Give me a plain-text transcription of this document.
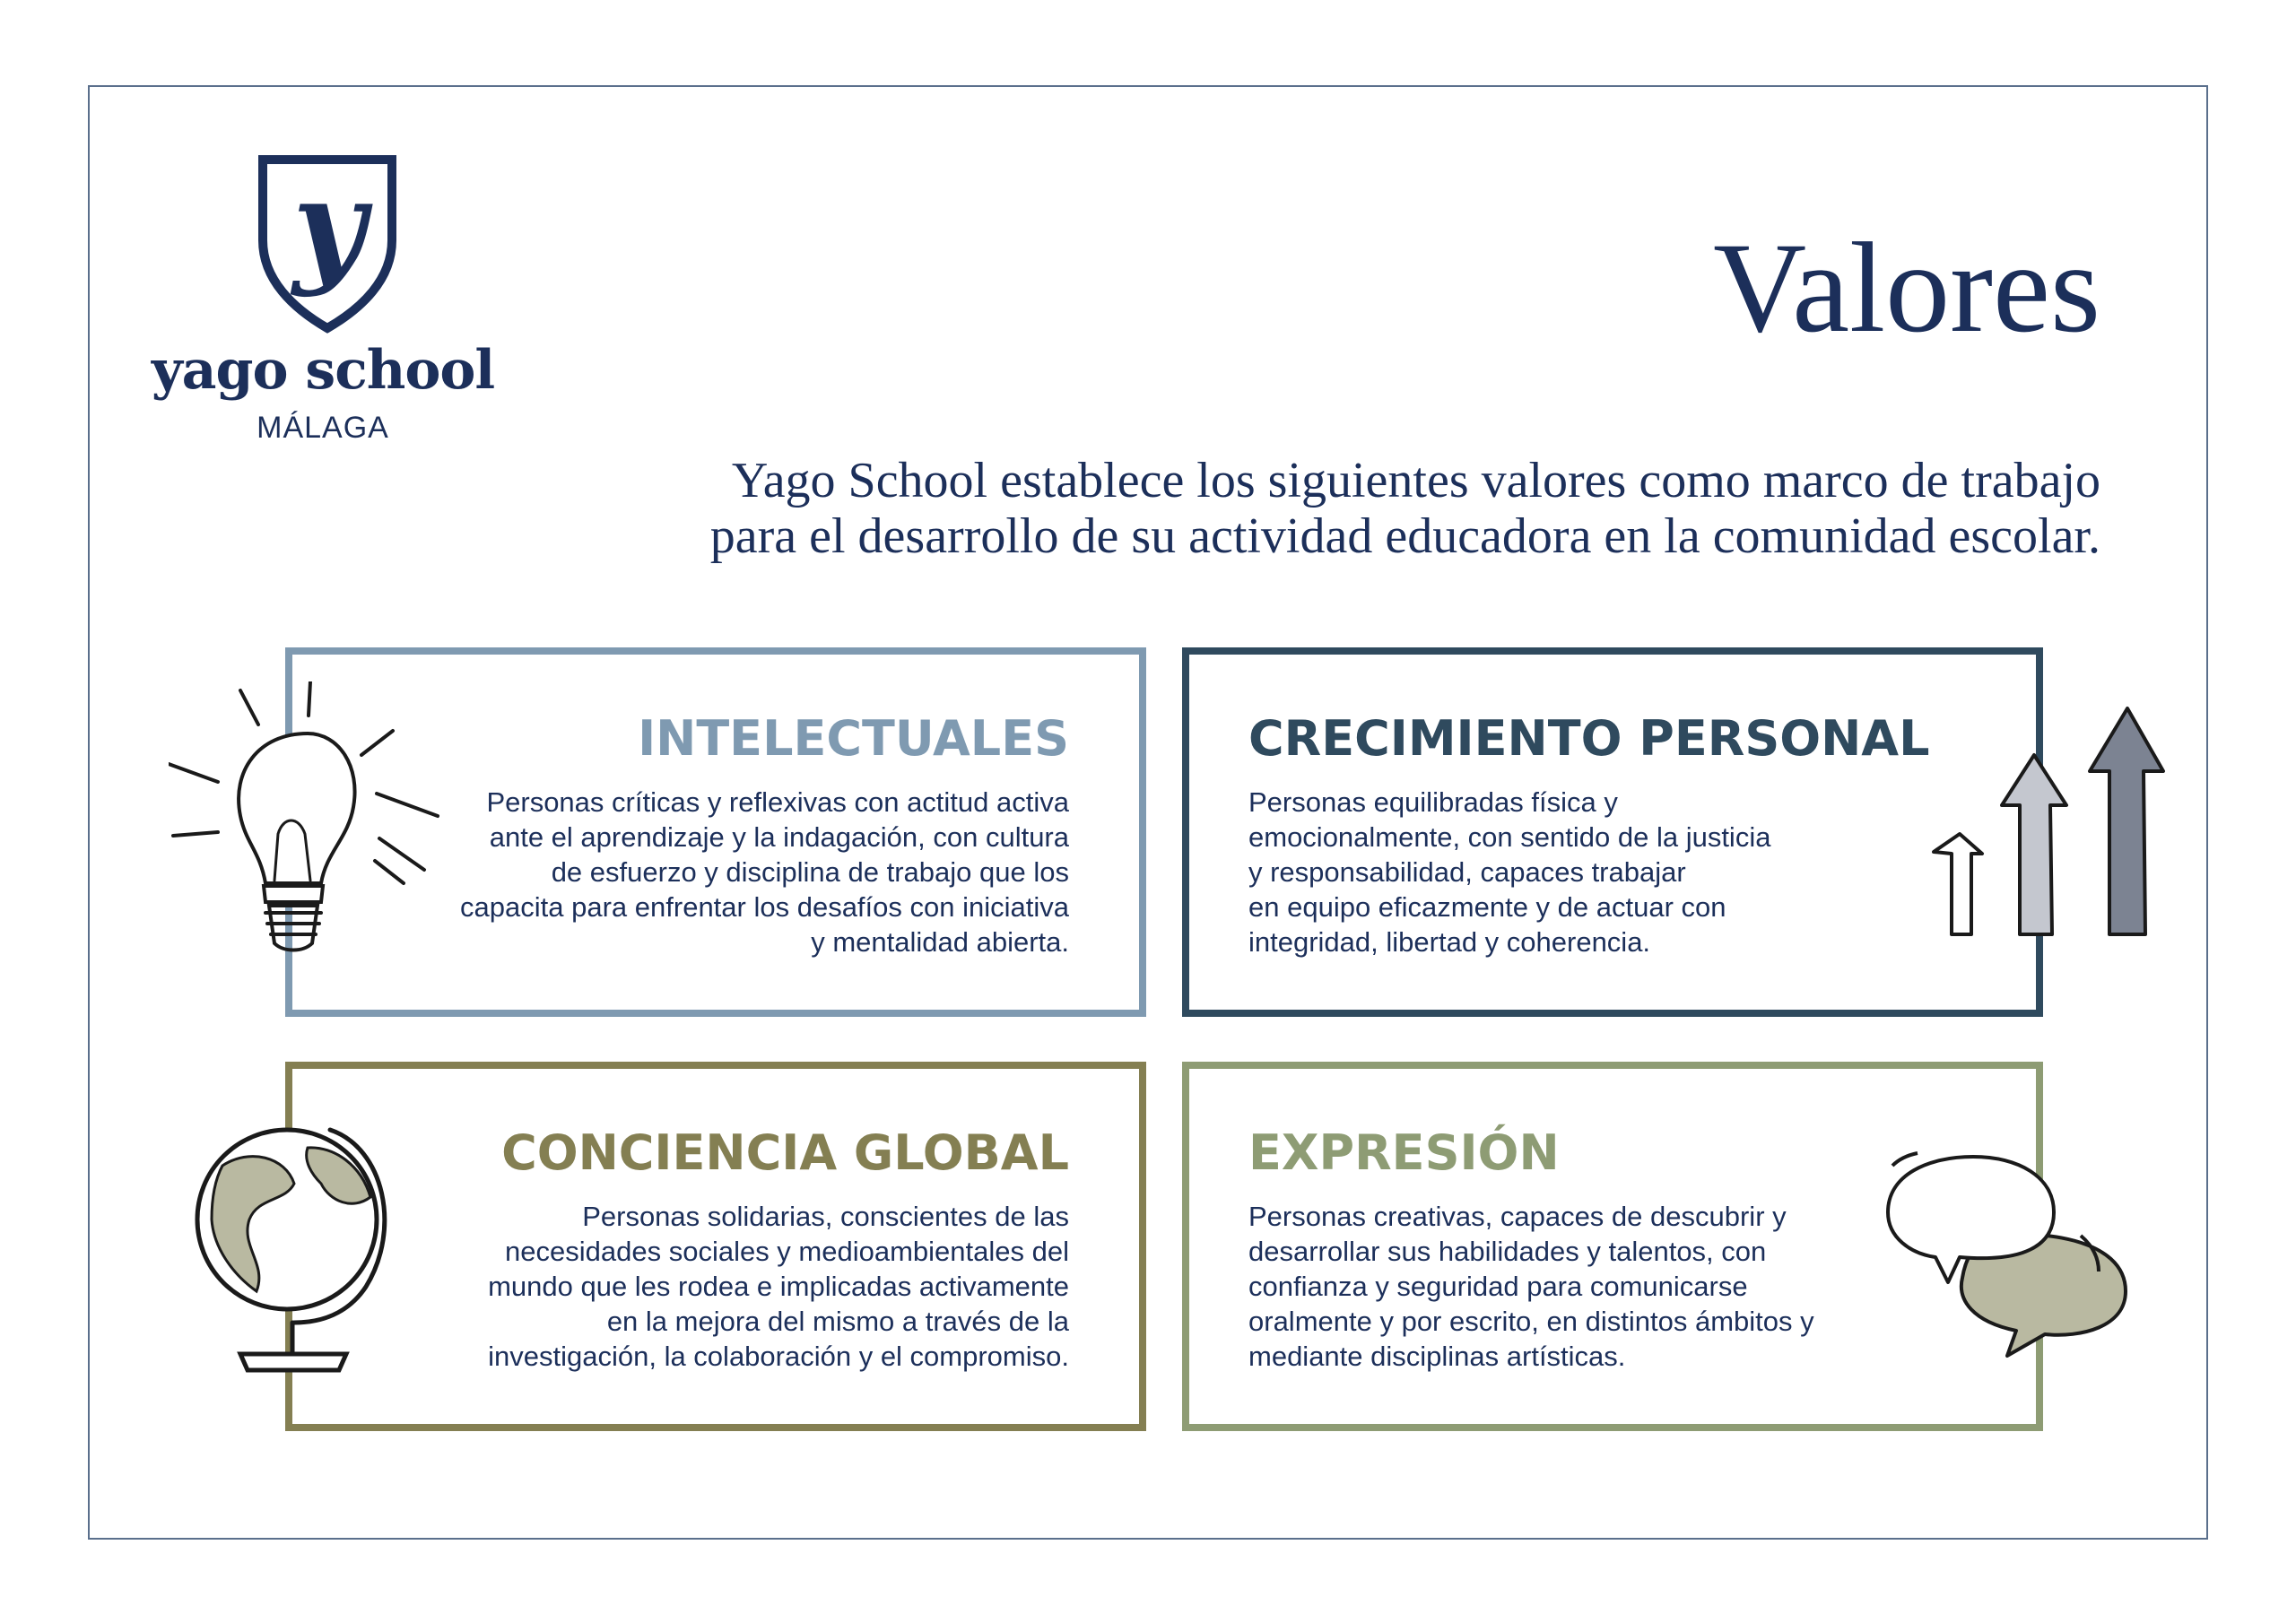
y
yago school
MÁLAGA
Valores
Yago School establece los siguientes valores como marco de trabajo
para el desarrollo de su actividad educadora en la comunidad escolar.
INTELECTUALES

Personas críticas y reflexivas con actitud activa
ante el aprendizaje y la indagación, con cultura
de esfuerzo y disciplina de trabajo que los
capacita para enfrentar los desafíos con iniciativa
y mentalidad abierta.

CRECIMIENTO PERSONAL

Personas equilibradas física y
emocionalmente, con sentido de la justicia
y responsabilidad, capaces trabajar
en equipo eficazmente y de actuar con
integridad, libertad y coherencia.

CONCIENCIA GLOBAL

Personas solidarias, conscientes de las
necesidades sociales y medioambientales del
mundo que les rodea e implicadas activamente
en la mejora del mismo a través de la
investigación, la colaboración y el compromiso.

EXPRESIÓN

Personas creativas, capaces de descubrir y
desarrollar sus habilidades y talentos, con
confianza y seguridad para comunicarse
oralmente y por escrito, en distintos ámbitos y
mediante disciplinas artísticas.
